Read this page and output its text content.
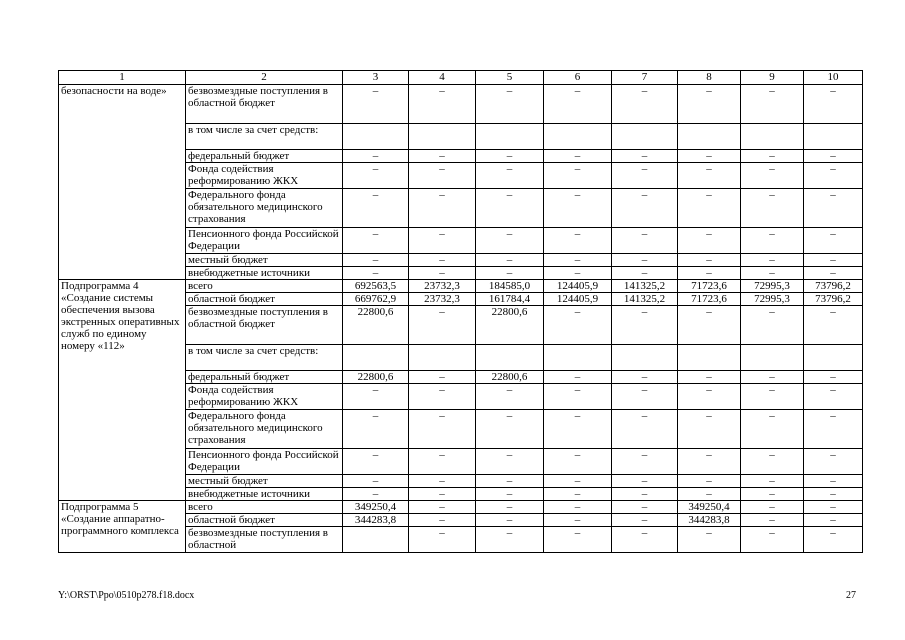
1	2	3	4	5	6	7	8	9	10
безопасности на воде»	безвозмездные поступления в областной бюджет	–	–	–	–	–	–	–	–
	в том числе за счет средств:								
	федеральный бюджет	–	–	–	–	–	–	–	–
	Фонда содействия реформированию ЖКХ	–	–	–	–	–	–	–	–
	Федерального фонда обязательного медицинского страхования	–	–	–	–	–	–	–	–
	Пенсионного фонда Российской Федерации	–	–	–	–	–	–	–	–
	местный бюджет	–	–	–	–	–	–	–	–
	внебюджетные источники	–	–	–	–	–	–	–	–
Подпрограмма 4 «Создание системы обеспечения вызова экстренных оперативных служб по единому номеру «112»	всего	692563,5	23732,3	184585,0	124405,9	141325,2	71723,6	72995,3	73796,2
	областной бюджет	669762,9	23732,3	161784,4	124405,9	141325,2	71723,6	72995,3	73796,2
	безвозмездные поступления в областной бюджет	22800,6	–	22800,6	–	–	–	–	–
	в том числе за счет средств:								
	федеральный бюджет	22800,6	–	22800,6	–	–	–	–	–
	Фонда содействия реформированию ЖКХ	–	–	–	–	–	–	–	–
	Федерального фонда обязательного медицинского страхования	–	–	–	–	–	–	–	–
	Пенсионного фонда Российской Федерации	–	–	–	–	–	–	–	–
	местный бюджет	–	–	–	–	–	–	–	–
	внебюджетные источники	–	–	–	–	–	–	–	–
Подпрограмма 5 «Создание аппаратно-программного комплекса	всего	349250,4	–	–	–	–	349250,4	–	–
	областной бюджет	344283,8	–	–	–	–	344283,8	–	–
	безвозмездные поступления в областной		–	–	–	–	–	–	–
Y:\ORST\Ppo\0510p278.f18.docx	27
